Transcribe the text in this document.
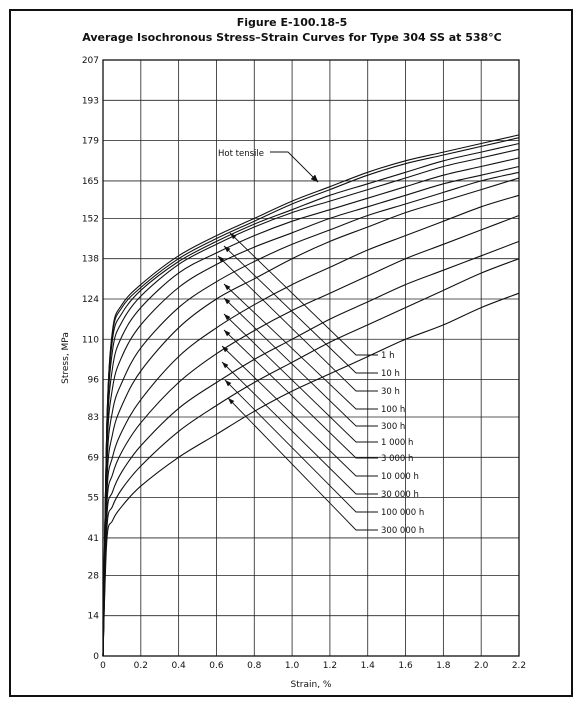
Figure E-100.18-5
Average Isochronous Stress–Strain Curves for Type 304 SS at 538°C
0	0.2	0.4	0.6	0.8	1.0	1.2	1.4	1.6	1.8	2.0	2.2
0
14
28
41
55
69
83
96
110
124
138
152
165
179
193
207
Strain, %
Stress, MPa
Hot tensile
1 h
10 h
30 h
100 h
300 h
1 000 h
3 000 h
10 000 h
30 000 h
100 000 h
300 000 h
